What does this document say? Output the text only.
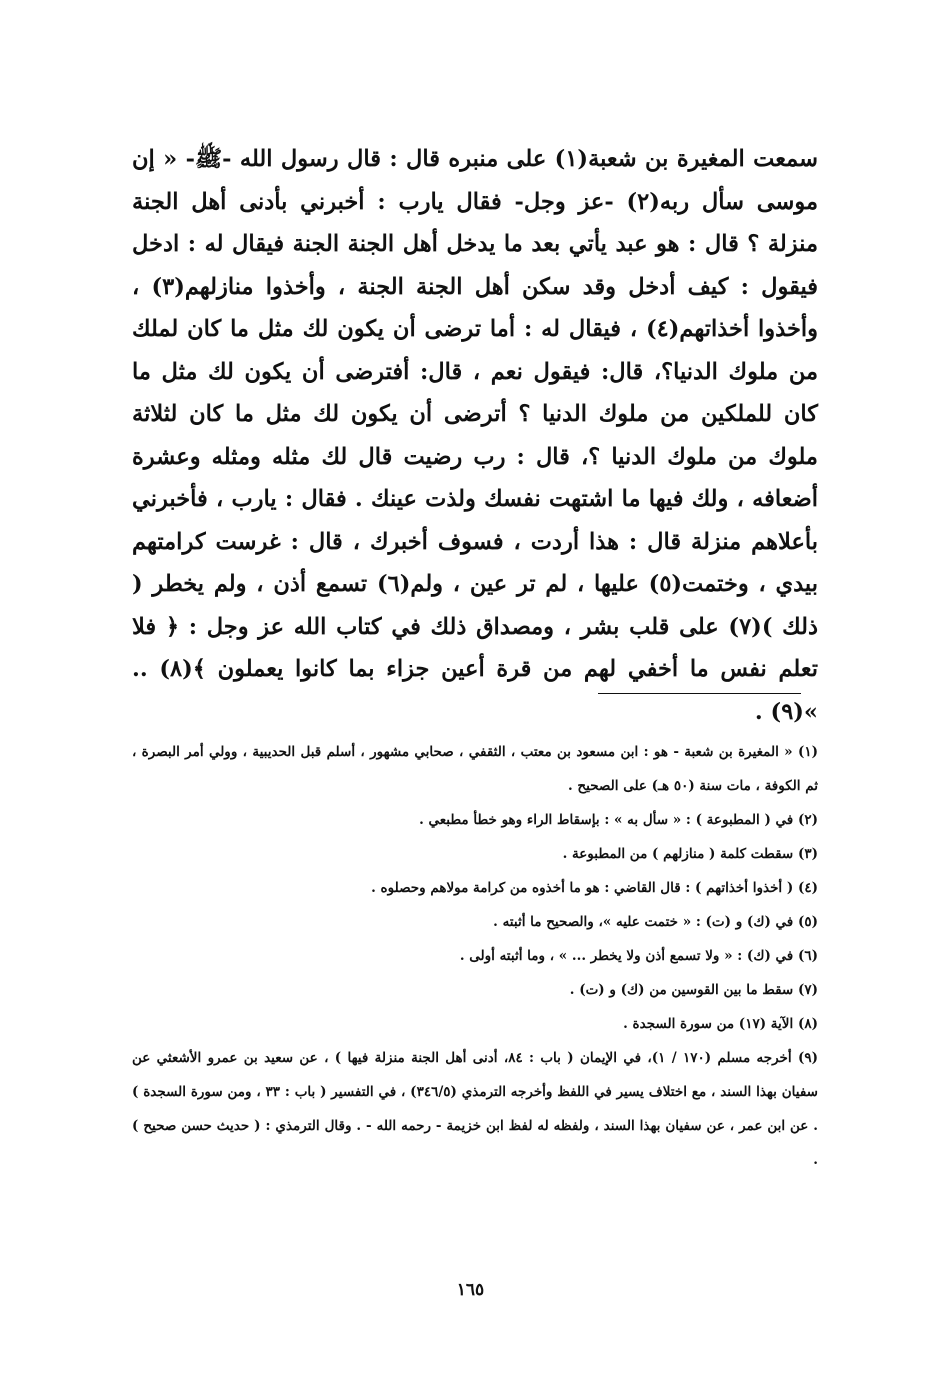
سمعت المغيرة بن شعبة(١) على منبره قال : قال رسول الله -ﷺ- « إن موسى سأل ربه(٢) -عز وجل- فقال يارب : أخبرني بأدنى أهل الجنة منزلة ؟ قال : هو عبد يأتي بعد ما يدخل أهل الجنة الجنة فيقال له : ادخل فيقول : كيف أدخل وقد سكن أهل الجنة الجنة ، وأخذوا منازلهم(٣) ، وأخذوا أخذاتهم(٤) ، فيقال له : أما ترضى أن يكون لك مثل ما كان لملك من ملوك الدنيا؟، قال: فيقول نعم ، قال: أفترضى أن يكون لك مثل ما كان للملكين من ملوك الدنيا ؟ أترضى أن يكون لك مثل ما كان لثلاثة ملوك من ملوك الدنيا ؟، قال : رب رضيت قال لك مثله ومثله وعشرة أضعافه ، ولك فيها ما اشتهت نفسك ولذت عينك . فقال : يارب ، فأخبرني بأعلاهم منزلة قال : هذا أردت ، فسوف أخبرك ، قال : غرست كرامتهم بيدي ، وختمت(٥) عليها ، لم تر عين ، ولم(٦) تسمع أذن ، ولم يخطر ( ذلك )(٧) على قلب بشر ، ومصداق ذلك في كتاب الله عز وجل : ﴿ فلا تعلم نفس ما أخفي لهم من قرة أعين جزاء بما كانوا يعملون ﴾(٨) .. »(٩) .

(١) « المغيرة بن شعبة - هو : ابن مسعود بن معتب ، الثقفي ، صحابي مشهور ، أسلم قبل الحديبية ، وولي أمر البصرة ، ثم الكوفة ، مات سنة (٥٠ هـ) على الصحيح .

(٢) في ( المطبوعة ) : « سأل به » : بإسقاط الراء وهو خطأ مطبعي .

(٣) سقطت كلمة ( منازلهم ) من المطبوعة .

(٤) ( أخذوا أخذاتهم ) : قال القاضي : هو ما أخذوه من كرامة مولاهم وحصلوه .

(٥) في (ك) و (ت) : « ختمت عليه »، والصحيح ما أثبته .

(٦) في (ك) : « ولا تسمع أذن ولا يخطر ... » ، وما أثبته أولى .

(٧) سقط ما بين القوسين من (ك) و (ت) .

(٨) الآية (١٧) من سورة السجدة .

(٩) أخرجه مسلم (١٧٠ / ١)، في الإيمان ( باب : ٨٤، أدنى أهل الجنة منزلة فيها ) ، عن سعيد بن عمرو الأشعثي عن سفيان بهذا السند ، مع اختلاف يسير في اللفظ وأخرجه الترمذي (٣٤٦/٥) ، في التفسير ( باب : ٣٣ ، ومن سورة السجدة ) . عن ابن عمر ، عن سفيان بهذا السند ، ولفظه له لفظ ابن خزيمة - رحمه الله - . وقال الترمذي : ( حديث حسن صحيح ) .

١٦٥
